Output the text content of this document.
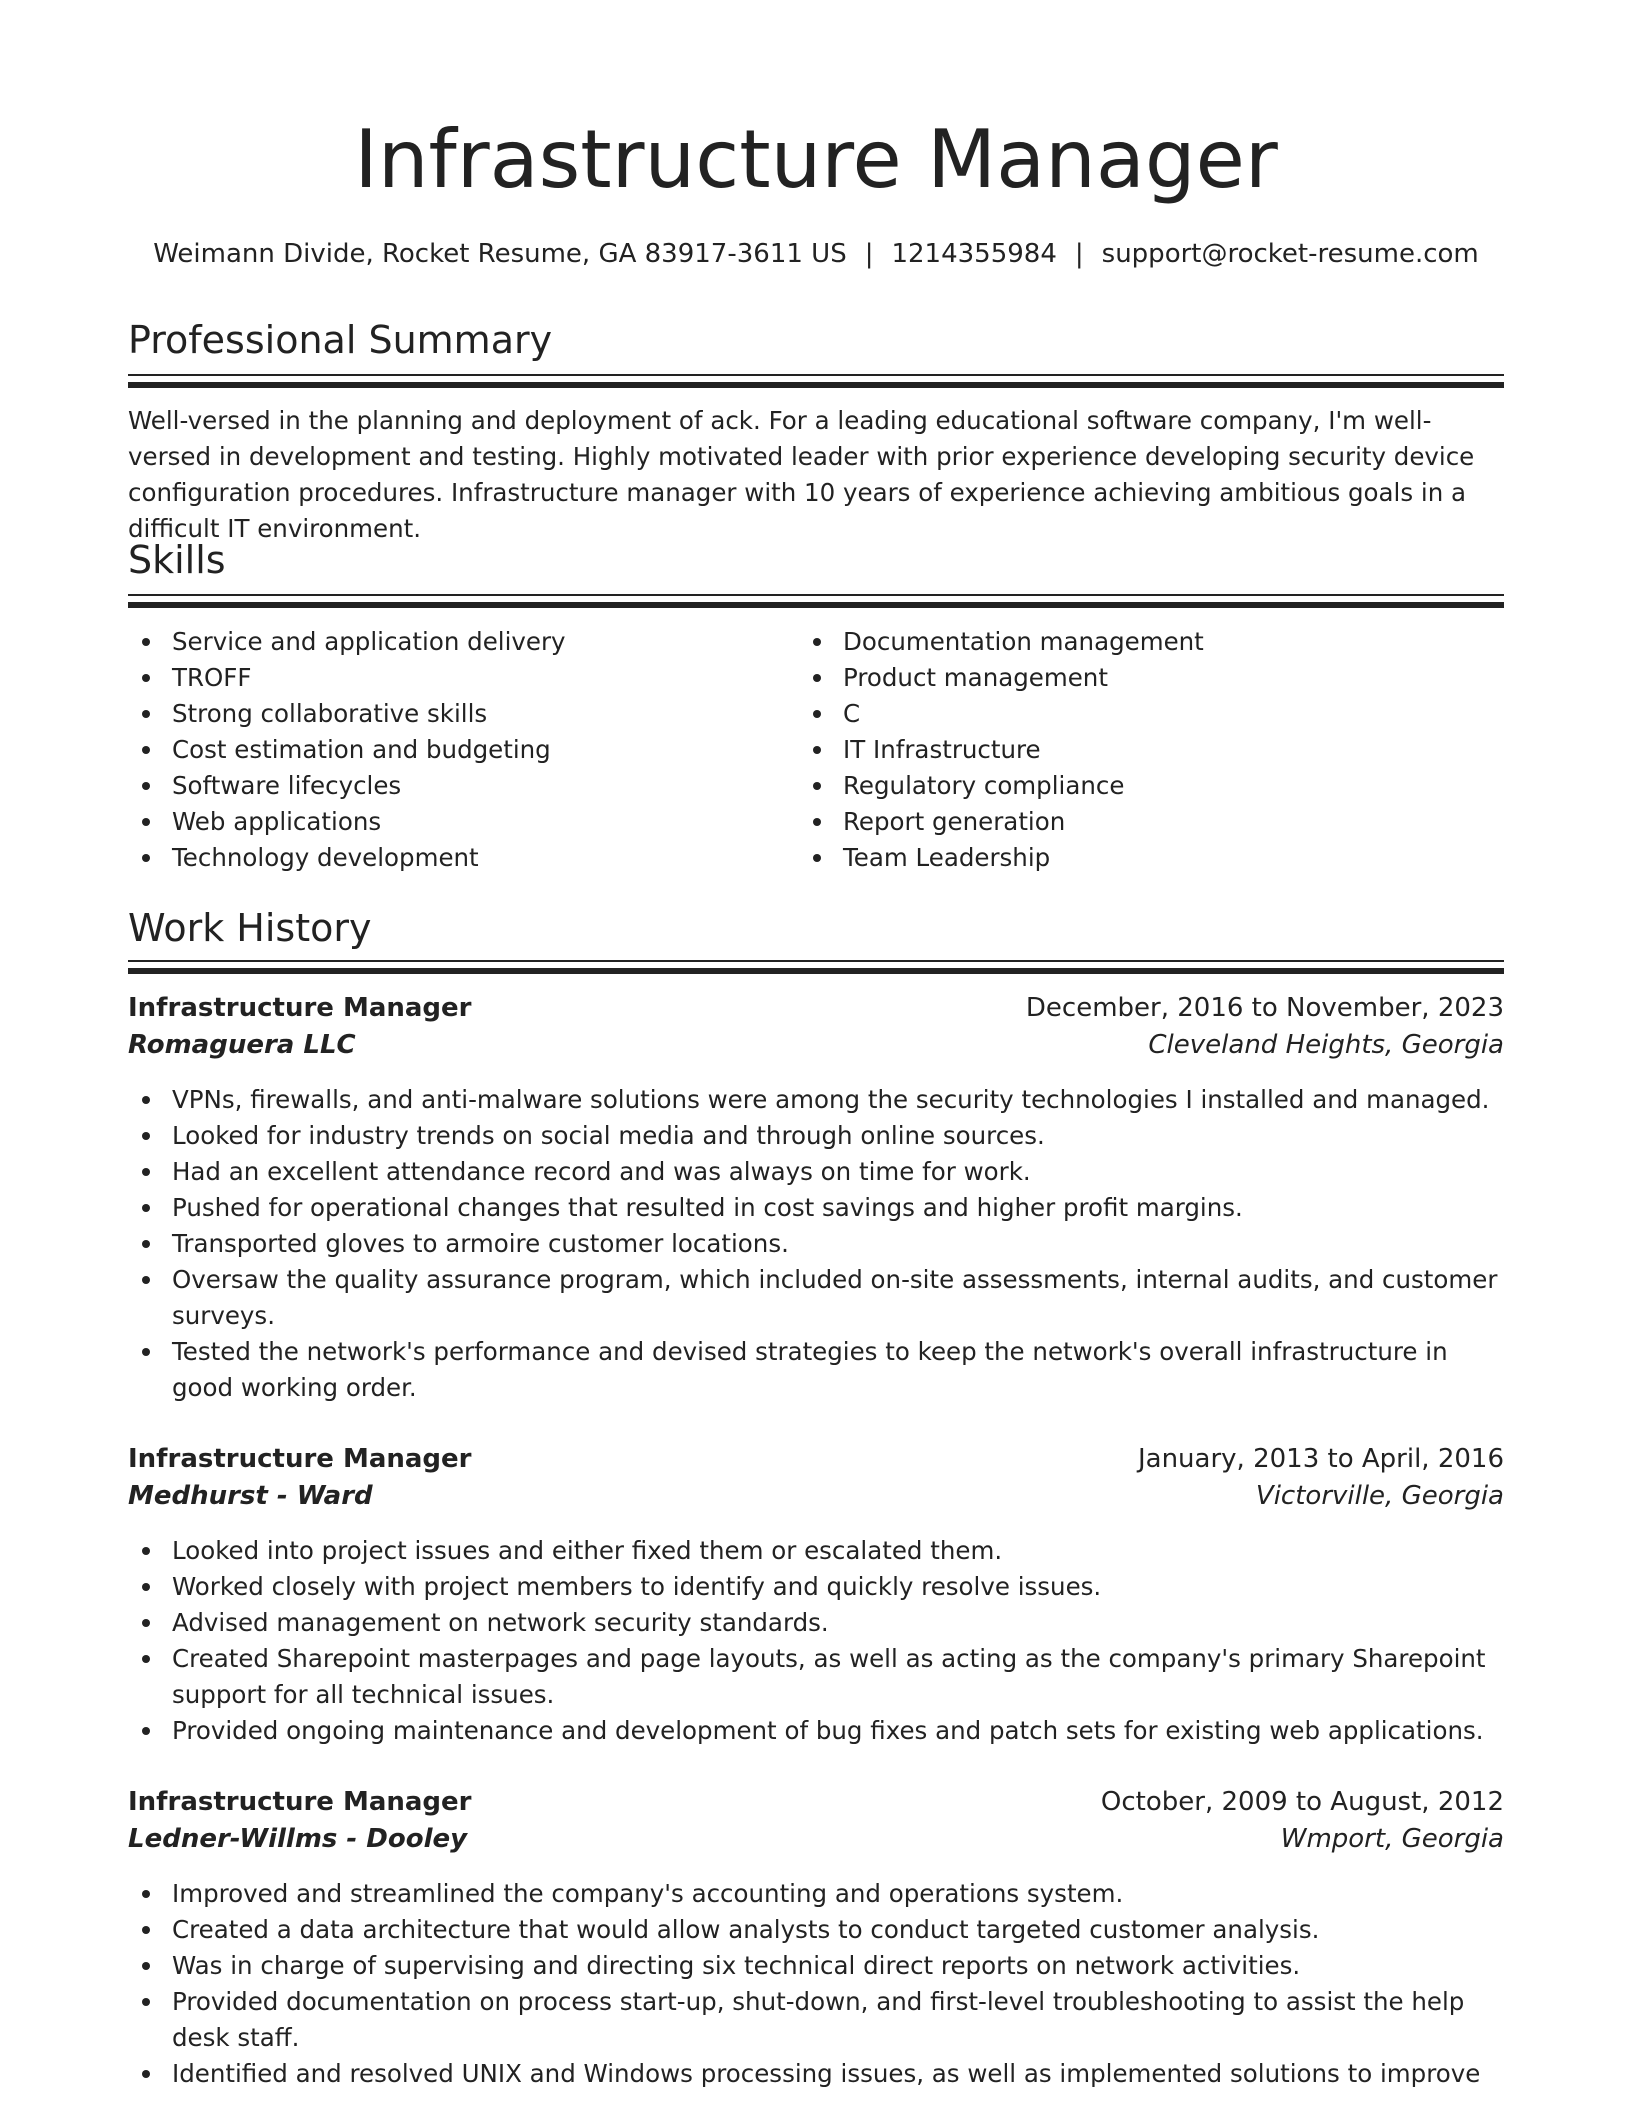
Infrastructure Manager
Weimann Divide, Rocket Resume, GA 83917-3611 US | 1214355984 | support@rocket-resume.com
Professional Summary

Well-versed in the planning and deployment of ack. For a leading educational software company, I'm well-versed in development and testing. Highly motivated leader with prior experience developing security device configuration procedures. Infrastructure manager with 10 years of experience achieving ambitious goals in a difficult IT environment.

Skills
Service and application delivery
TROFF
Strong collaborative skills
Cost estimation and budgeting
Software lifecycles
Web applications
Technology development
Documentation management
Product management
C
IT Infrastructure
Regulatory compliance
Report generation
Team Leadership
Work History
Infrastructure Manager	December, 2016 to November, 2023
Romaguera LLC	Cleveland Heights, Georgia
VPNs, firewalls, and anti-malware solutions were among the security technologies I installed and managed.
Looked for industry trends on social media and through online sources.
Had an excellent attendance record and was always on time for work.
Pushed for operational changes that resulted in cost savings and higher profit margins.
Transported gloves to armoire customer locations.
Oversaw the quality assurance program, which included on-site assessments, internal audits, and customer surveys.
Tested the network's performance and devised strategies to keep the network's overall infrastructure in good working order.
Infrastructure Manager	January, 2013 to April, 2016
Medhurst - Ward	Victorville, Georgia
Looked into project issues and either fixed them or escalated them.
Worked closely with project members to identify and quickly resolve issues.
Advised management on network security standards.
Created Sharepoint masterpages and page layouts, as well as acting as the company's primary Sharepoint support for all technical issues.
Provided ongoing maintenance and development of bug fixes and patch sets for existing web applications.
Infrastructure Manager	October, 2009 to August, 2012
Ledner-Willms - Dooley	Wmport, Georgia
Improved and streamlined the company's accounting and operations system.
Created a data architecture that would allow analysts to conduct targeted customer analysis.
Was in charge of supervising and directing six technical direct reports on network activities.
Provided documentation on process start-up, shut-down, and first-level troubleshooting to assist the help desk staff.
Identified and resolved UNIX and Windows processing issues, as well as implemented solutions to improve
